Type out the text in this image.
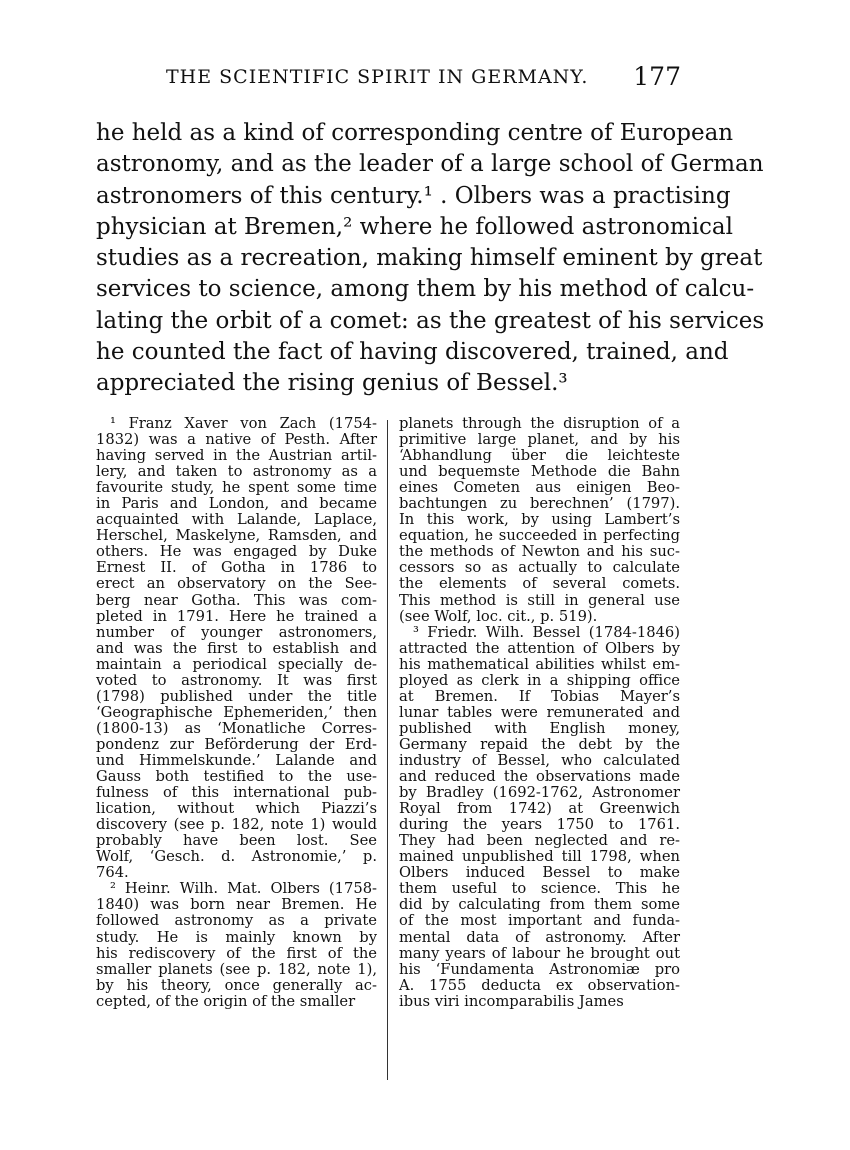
THE SCIENTIFIC SPIRIT IN GERMANY. 177
he held as a kind of corresponding centre of European
astronomy, and as the leader of a large school of German
astronomers of this century.¹ . Olbers was a practising
physician at Bremen,² where he followed astronomical
studies as a recreation, making himself eminent by great
services to science, among them by his method of calcu-
lating the orbit of a comet: as the greatest of his services
he counted the fact of having discovered, trained, and
appreciated the rising genius of Bessel.³
¹ Franz Xaver von Zach (1754-
1832) was a native of Pesth. After
having served in the Austrian artil-
lery, and taken to astronomy as a
favourite study, he spent some time
in Paris and London, and became
acquainted with Lalande, Laplace,
Herschel, Maskelyne, Ramsden, and
others. He was engaged by Duke
Ernest II. of Gotha in 1786 to
erect an observatory on the See-
berg near Gotha. This was com-
pleted in 1791. Here he trained a
number of younger astronomers,
and was the first to establish and
maintain a periodical specially de-
voted to astronomy. It was first
(1798) published under the title
‘Geographische Ephemeriden,’ then
(1800-13) as ‘Monatliche Corres-
pondenz zur Beförderung der Erd-
und Himmelskunde.’ Lalande and
Gauss both testified to the use-
fulness of this international pub-
lication, without which Piazzi’s
discovery (see p. 182, note 1) would
probably have been lost. See
Wolf, ‘Gesch. d. Astronomie,’ p.
764.
² Heinr. Wilh. Mat. Olbers (1758-
1840) was born near Bremen. He
followed astronomy as a private
study. He is mainly known by
his rediscovery of the first of the
smaller planets (see p. 182, note 1),
by his theory, once generally ac-
cepted, of the origin of the smaller
planets through the disruption of a
primitive large planet, and by his
‘Abhandlung über die leichteste
und bequemste Methode die Bahn
eines Cometen aus einigen Beo-
bachtungen zu berechnen’ (1797).
In this work, by using Lambert’s
equation, he succeeded in perfecting
the methods of Newton and his suc-
cessors so as actually to calculate
the elements of several comets.
This method is still in general use
(see Wolf, loc. cit., p. 519).
³ Friedr. Wilh. Bessel (1784-1846)
attracted the attention of Olbers by
his mathematical abilities whilst em-
ployed as clerk in a shipping office
at Bremen. If Tobias Mayer’s
lunar tables were remunerated and
published with English money,
Germany repaid the debt by the
industry of Bessel, who calculated
and reduced the observations made
by Bradley (1692-1762, Astronomer
Royal from 1742) at Greenwich
during the years 1750 to 1761.
They had been neglected and re-
mained unpublished till 1798, when
Olbers induced Bessel to make
them useful to science. This he
did by calculating from them some
of the most important and funda-
mental data of astronomy. After
many years of labour he brought out
his ‘Fundamenta Astronomiæ pro
A. 1755 deducta ex observation-
ibus viri incomparabilis James
